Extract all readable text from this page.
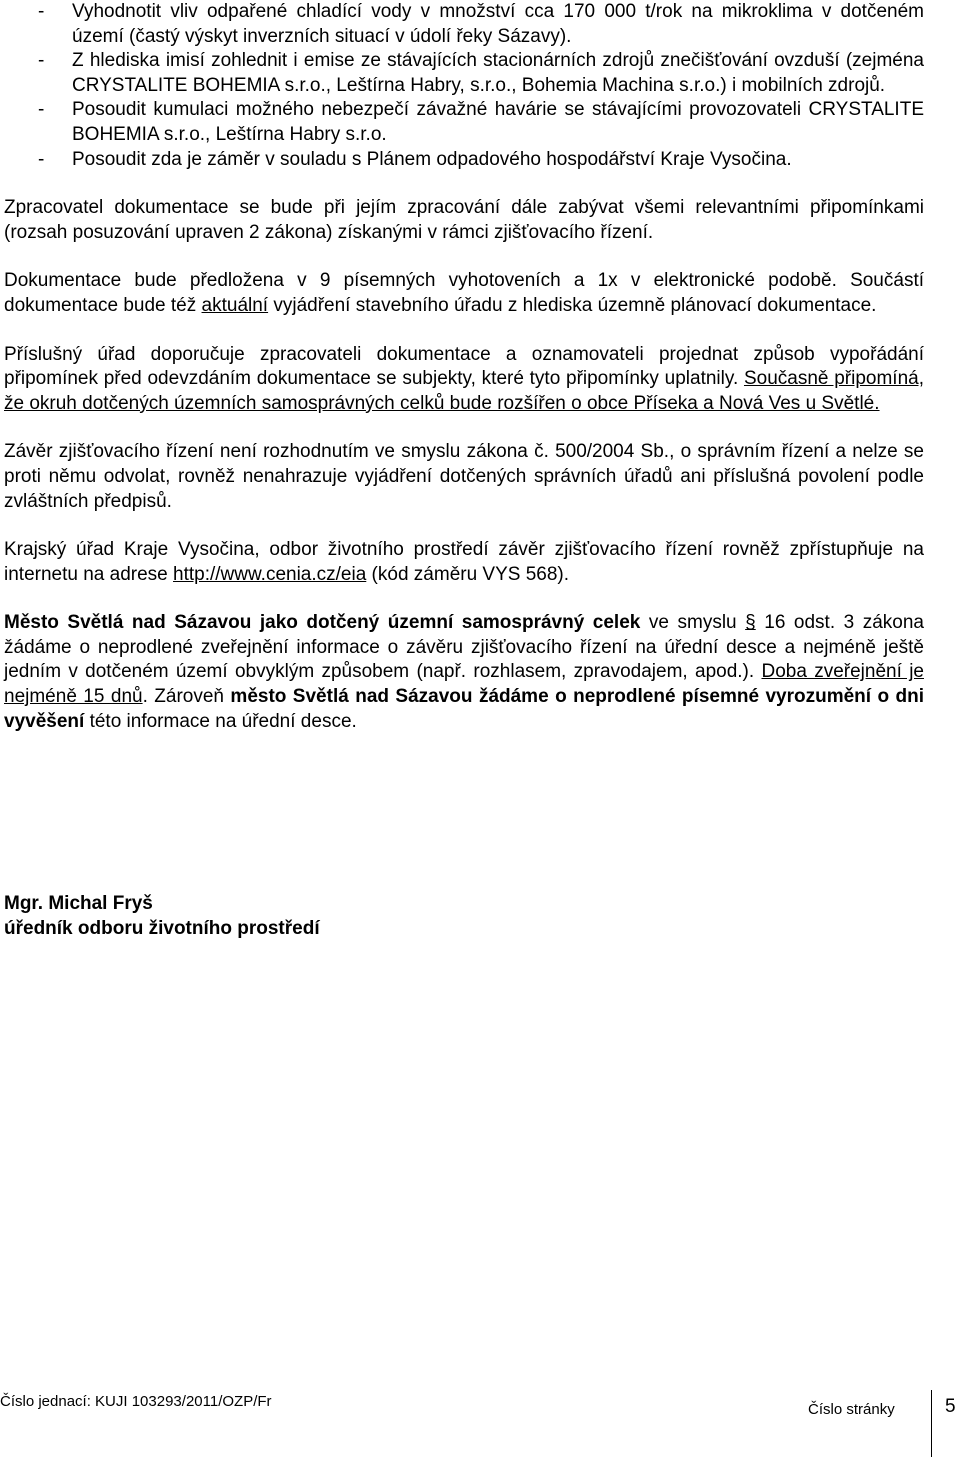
- Vyhodnotit vliv odpařené chladící vody v množství cca 170 000 t/rok na mikroklima v dotčeném území (častý výskyt inverzních situací v údolí řeky Sázavy).
- Z hlediska imisí zohlednit i emise ze stávajících stacionárních zdrojů znečišťování ovzduší (zejména CRYSTALITE BOHEMIA s.r.o., Leštírna Habry, s.r.o., Bohemia Machina s.r.o.) i mobilních zdrojů.
- Posoudit kumulaci možného nebezpečí závažné havárie se stávajícími provozovateli CRYSTALITE BOHEMIA s.r.o., Leštírna Habry s.r.o.
- Posoudit zda je záměr v souladu s Plánem odpadového hospodářství Kraje Vysočina.

Zpracovatel dokumentace se bude při jejím zpracování dále zabývat všemi relevantními připomínkami (rozsah posuzování upraven 2 zákona) získanými v rámci zjišťovacího řízení.

Dokumentace bude předložena v 9 písemných vyhotoveních a 1x v elektronické podobě. Součástí dokumentace bude též aktuální vyjádření stavebního úřadu z hlediska územně plánovací dokumentace.

Příslušný úřad doporučuje zpracovateli dokumentace a oznamovateli projednat způsob vypořádání připomínek před odevzdáním dokumentace se subjekty, které tyto připomínky uplatnily. Současně připomíná, že okruh dotčených územních samosprávných celků bude rozšířen o obce Příseka a Nová Ves u Světlé.

Závěr zjišťovacího řízení není rozhodnutím ve smyslu zákona č. 500/2004 Sb., o správním řízení a nelze se proti němu odvolat, rovněž nenahrazuje vyjádření dotčených správních úřadů ani příslušná povolení podle zvláštních předpisů.

Krajský úřad Kraje Vysočina, odbor životního prostředí závěr zjišťovacího řízení rovněž zpřístupňuje na internetu na adrese http://www.cenia.cz/eia (kód záměru VYS 568).

Město Světlá nad Sázavou jako dotčený územní samosprávný celek ve smyslu § 16 odst. 3 zákona žádáme o neprodlené zveřejnění informace o závěru zjišťovacího řízení na úřední desce a nejméně ještě jedním v dotčeném území obvyklým způsobem (např. rozhlasem, zpravodajem, apod.). Doba zveřejnění je nejméně 15 dnů. Zároveň město Světlá nad Sázavou žádáme o neprodlené písemné vyrozumění o dni vyvěšení této informace na úřední desce.

Mgr. Michal Fryš
úředník odboru životního prostředí
Číslo jednací: KUJI 103293/2011/OZP/Fr	Číslo stránky	5
